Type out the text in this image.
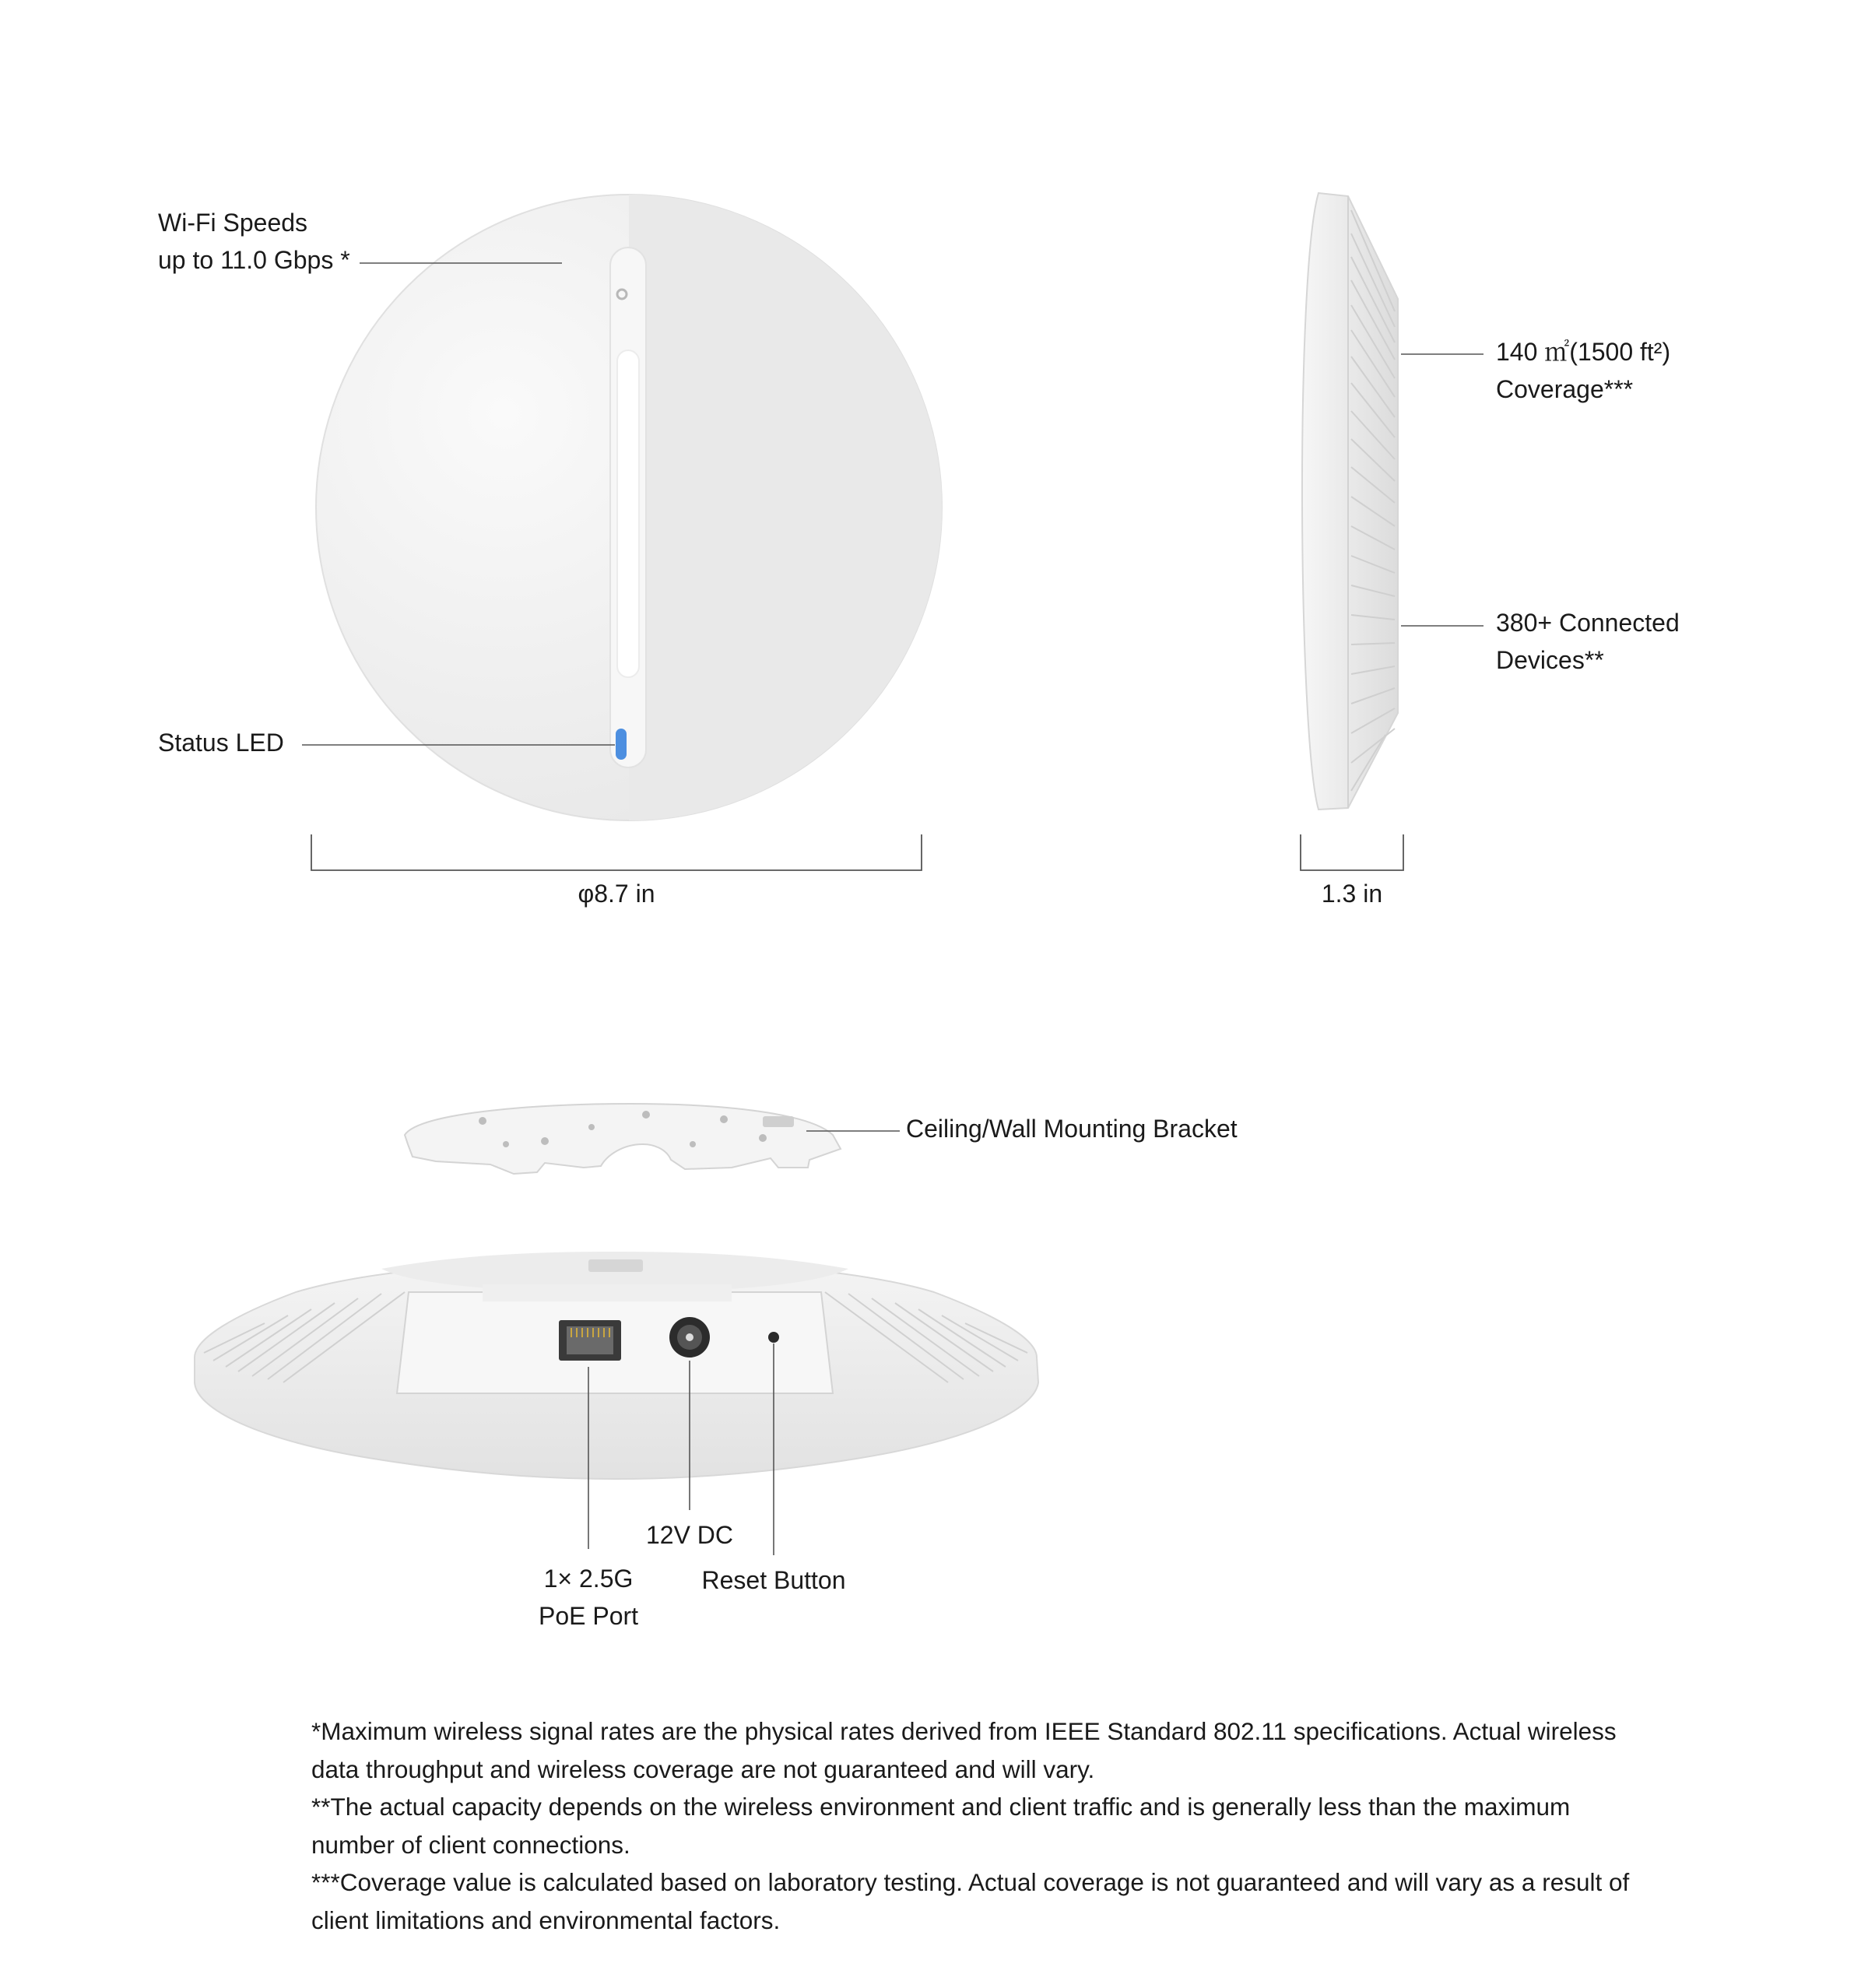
Wi-Fi Speeds
up to 11.0 Gbps *
Status LED
φ8.7 in
140 ㎡(1500 ft²)
Coverage***
380+ Connected
Devices**
1.3 in
Ceiling/Wall Mounting Bracket
12V DC
1× 2.5G
PoE Port
Reset Button

*Maximum wireless signal rates are the physical rates derived from IEEE Standard 802.11 specifications. Actual wireless data throughput and wireless coverage are not guaranteed and will vary.

**The actual capacity depends on the wireless environment and client traffic and is generally less than the maximum number of client connections.

***Coverage value is calculated based on laboratory testing. Actual coverage is not guaranteed and will vary as a result of client limitations and environmental factors.
